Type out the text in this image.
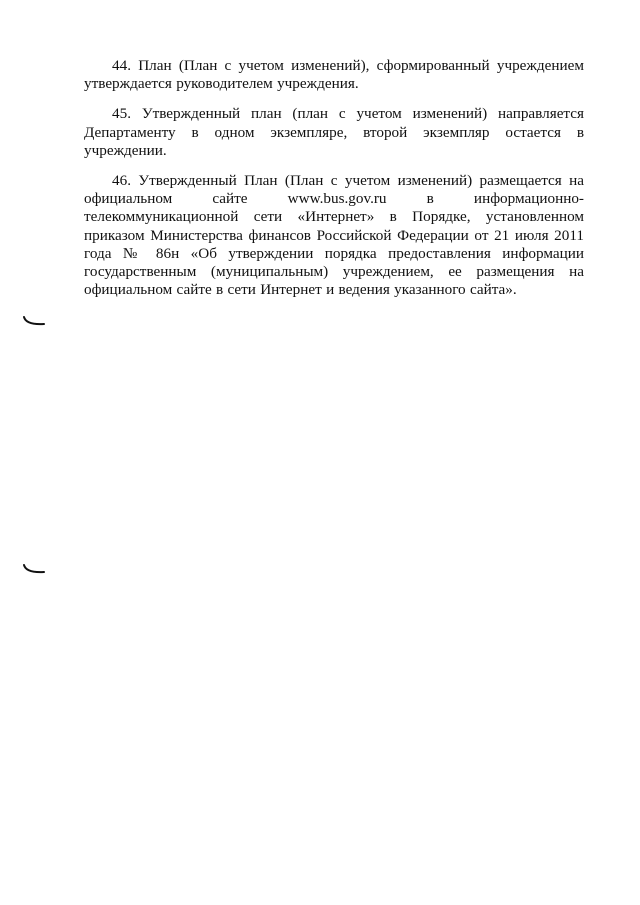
44. План (План с учетом изменений), сформированный учреждением утверждается руководителем учреждения.

45. Утвержденный план (план с учетом изменений) направляется Департаменту в одном экземпляре, второй экземпляр остается в учреждении.

46. Утвержденный План (План с учетом изменений) размещается на официальном сайте www.bus.gov.ru в информационно-телекоммуникационной сети «Интернет» в Порядке, установленном приказом Министерства финансов Российской Федерации от 21 июля 2011 года № 86н «Об утверждении порядка предоставления информации государственным (муниципальным) учреждением, ее размещения на официальном сайте в сети Интернет и ведения указанного сайта».
